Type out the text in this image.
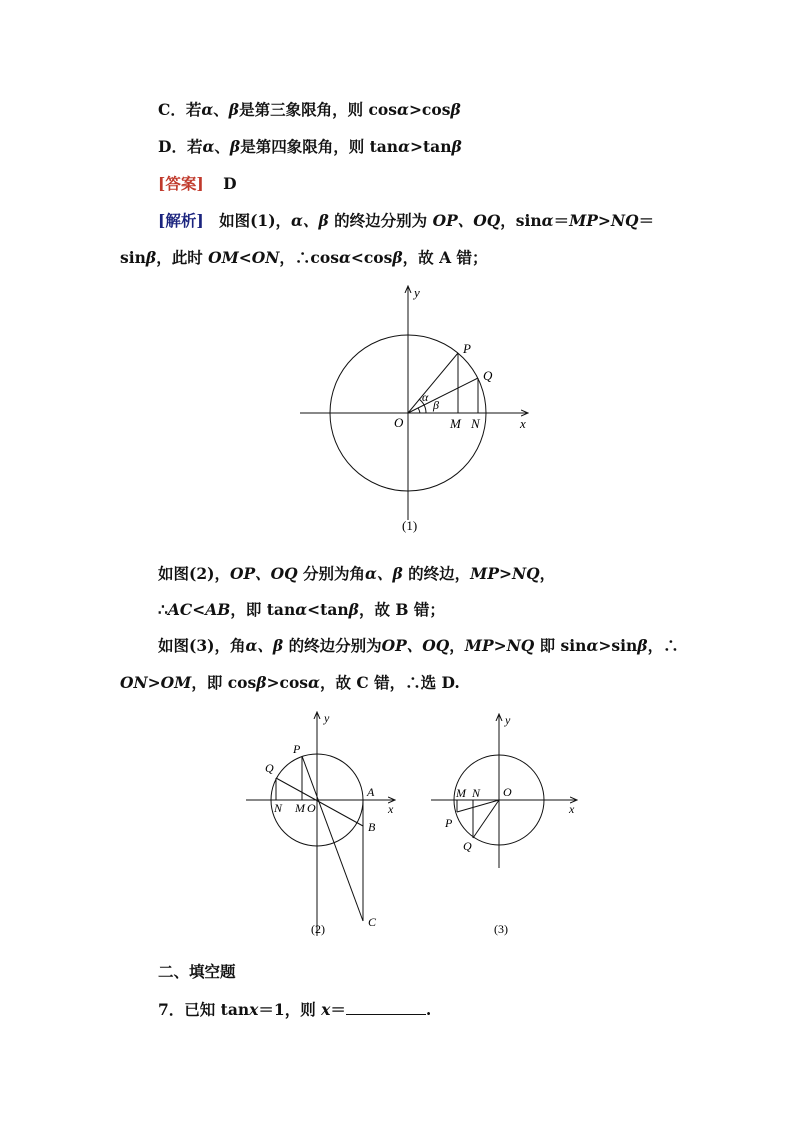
C．若α、β是第三象限角，则 cosα>cosβ
D．若α、β是第四象限角，则 tanα>tanβ
[答案] D
[解析] 如图(1)，α、β 的终边分别为 OP、OQ，sinα＝MP>NQ＝
sinβ，此时 OM<ON，∴cosα<cosβ，故 A 错；
y
x
O
P
Q
M N
α
β
(1)
如图(2)，OP、OQ 分别为角α、β 的终边，MP>NQ，
∴AC<AB，即 tanα<tanβ，故 B 错；
如图(3)，角α、β 的终边分别为OP、OQ，MP>NQ 即 sinα>sinβ，∴
ON>OM，即 cosβ>cosα，故 C 错，∴选 D.
y
x
O
P
Q
M
N
A
B
C
(2)
y
x
O
M N
P
Q
(3)
二、填空题
7．已知 tanx＝1，则 x＝	.
